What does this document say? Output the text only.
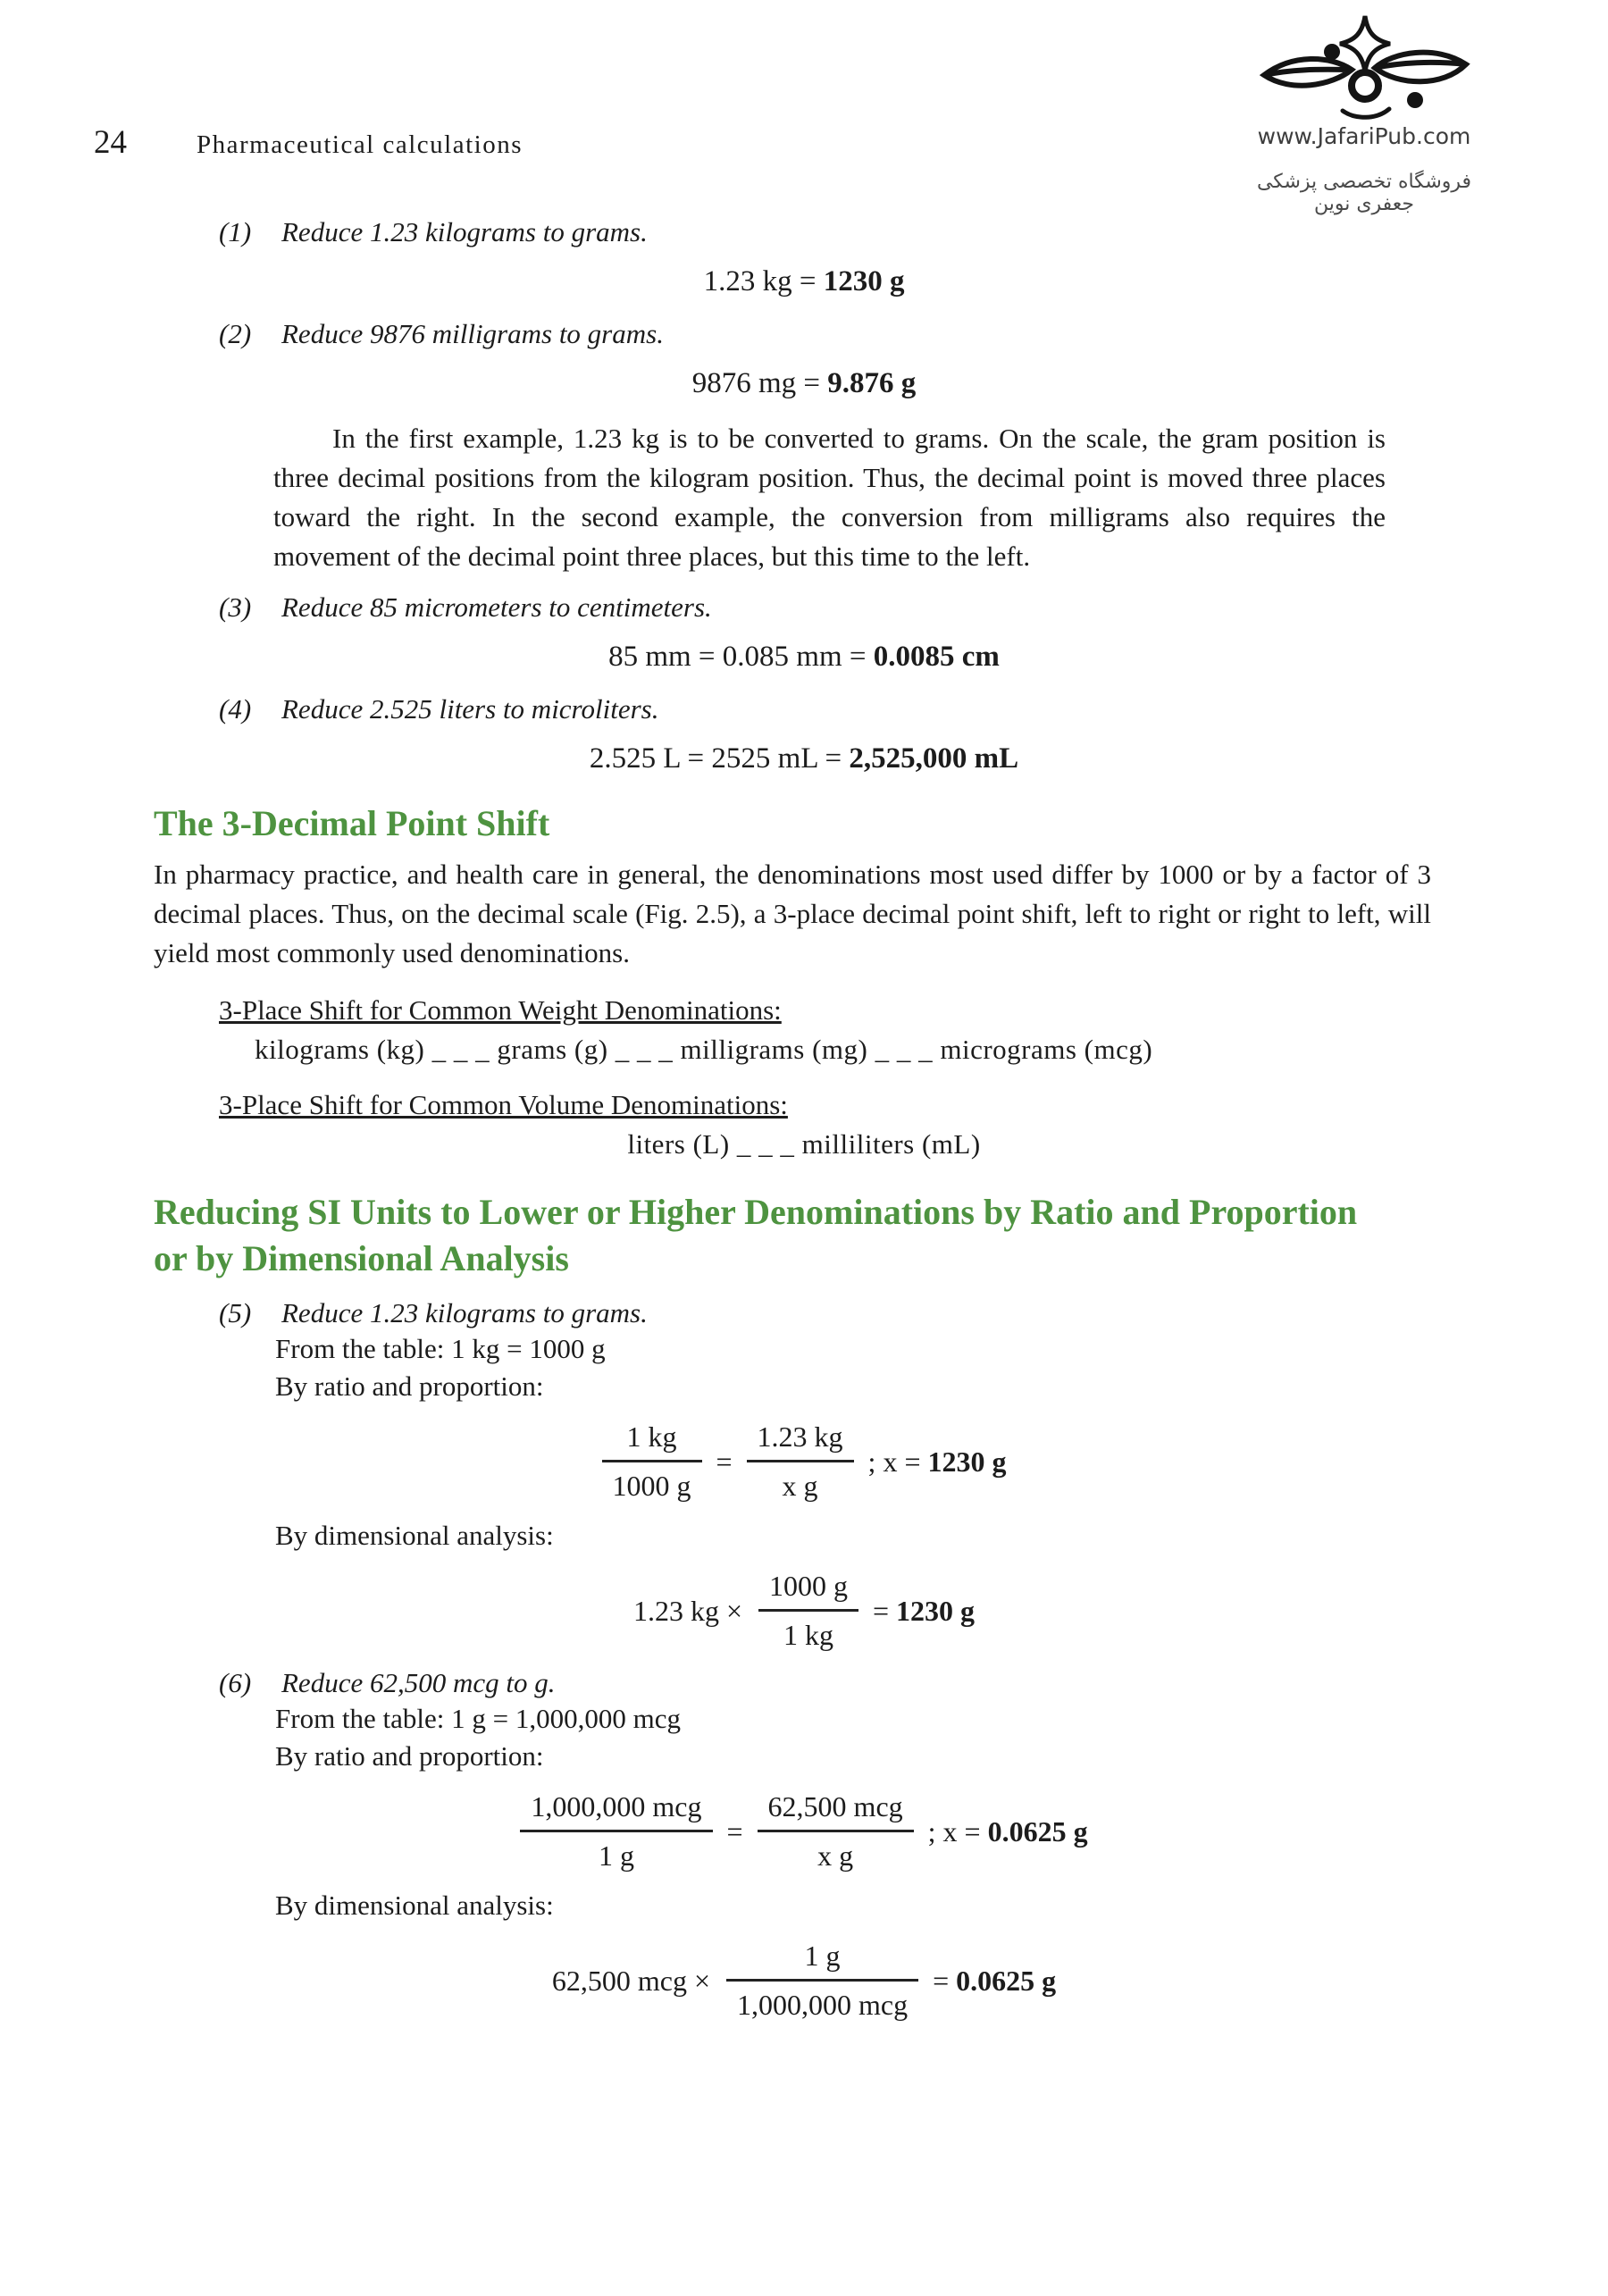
24	Pharmaceutical calculations	www.JafariPub.com
فروشگاه تخصصی پزشکی جعفری نوین
(1)	Reduce 1.23 kilograms to grams.
1.23 kg = 1230 g
(2)	Reduce 9876 milligrams to grams.
9876 mg = 9.876 g

In the first example, 1.23 kg is to be converted to grams. On the scale, the gram position is three decimal positions from the kilogram position. Thus, the decimal point is moved three places toward the right. In the second example, the conversion from milligrams also requires the movement of the decimal point three places, but this time to the left.

(3)	Reduce 85 micrometers to centimeters.
85 mm = 0.085 mm = 0.0085 cm
(4)	Reduce 2.525 liters to microliters.
2.525 L = 2525 mL = 2,525,000 mL
The 3-Decimal Point Shift

In pharmacy practice, and health care in general, the denominations most used differ by 1000 or by a factor of 3 decimal places. Thus, on the decimal scale (Fig. 2.5), a 3-place decimal point shift, left to right or right to left, will yield most commonly used denominations.

3-Place Shift for Common Weight Denominations:
kilograms (kg) _ _ _ grams (g) _ _ _ milligrams (mg) _ _ _ micrograms (mcg)
3-Place Shift for Common Volume Denominations:
liters (L) _ _ _ milliliters (mL)
Reducing SI Units to Lower or Higher Denominations by Ratio and Proportion
or by Dimensional Analysis
(5)	Reduce 1.23 kilograms to grams.
From the table: 1 kg = 1000 g
By ratio and proportion:
$\frac{1 kg}{1000 g} = \frac{1.23 kg}{\text{x g}}$ ; x = 1230 g
By dimensional analysis:
1.23 kg × $\frac{1000 g}{1 kg} = 1230$ g
(6)	Reduce 62,500 mcg to g.
From the table: 1 g = 1,000,000 mcg
By ratio and proportion:
$\frac{\text{1,000,000 mcg}}{1 g} = \frac{\text{62,500 mcg}}{\text{x g}}$ ; x = 0.0625 g
By dimensional analysis:
62,500 mcg × $\frac{1 g}{\text{1,000,000 mcg}} = 0.0625$ g
